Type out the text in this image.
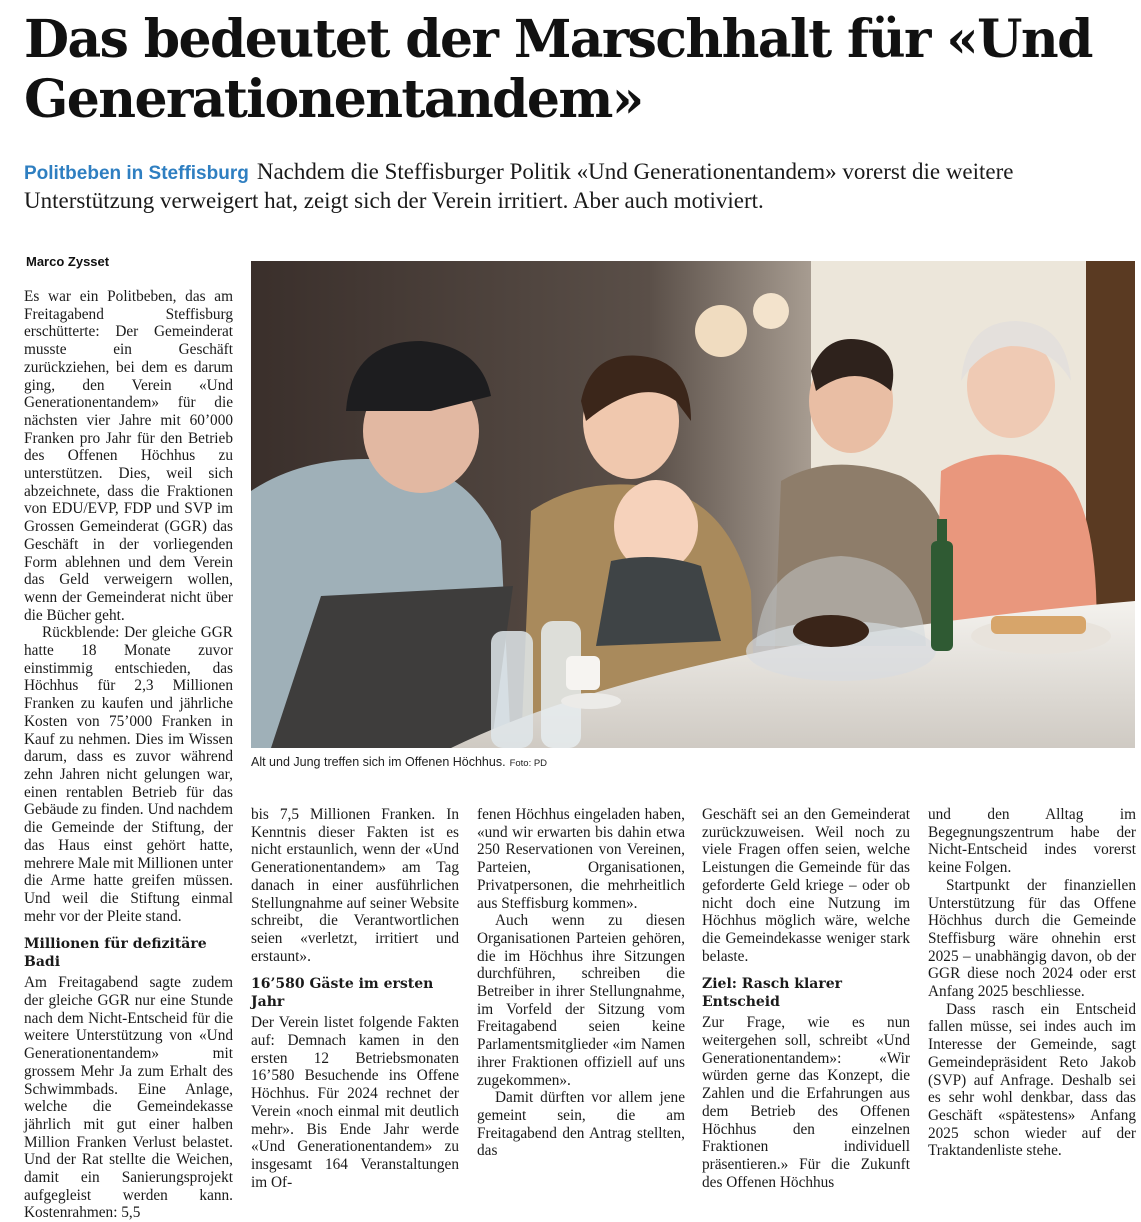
Das bedeutet der Marschhalt für «Und Generationentandem»

Politbeben in Steffisburg Nachdem die Steffisburger Politik «Und Generationentandem» vorerst die weitere Unterstützung verweigert hat, zeigt sich der Verein irritiert. Aber auch motiviert.

Marco Zysset

Es war ein Politbeben, das am Freitagabend Steffisburg erschütterte: Der Gemeinderat musste ein Geschäft zurückziehen, bei dem es darum ging, den Verein «Und Generationentandem» für die nächsten vier Jahre mit 60’000 Franken pro Jahr für den Betrieb des Offenen Höchhus zu unterstützen. Dies, weil sich abzeichnete, dass die Fraktionen von EDU/EVP, FDP und SVP im Grossen Gemeinderat (GGR) das Geschäft in der vorliegenden Form ablehnen und dem Verein das Geld verweigern wollen, wenn der Gemeinderat nicht über die Bücher geht.

Rückblende: Der gleiche GGR hatte 18 Monate zuvor einstimmig entschieden, das Höchhus für 2,3 Millionen Franken zu kaufen und jährliche Kosten von 75’000 Franken in Kauf zu nehmen. Dies im Wissen darum, dass es zuvor während zehn Jahren nicht gelungen war, einen rentablen Betrieb für das Gebäude zu finden. Und nachdem die Gemeinde der Stiftung, der das Haus einst gehört hatte, mehrere Male mit Millionen unter die Arme hatte greifen müssen. Und weil die Stiftung einmal mehr vor der Pleite stand.

Millionen für defizitäre Badi

Am Freitagabend sagte zudem der gleiche GGR nur eine Stunde nach dem Nicht-Entscheid für die weitere Unterstützung von «Und Generationentandem» mit grossem Mehr Ja zum Erhalt des Schwimmbads. Eine Anlage, welche die Gemeindekasse jährlich mit gut einer halben Million Franken Verlust belastet. Und der Rat stellte die Weichen, damit ein Sanierungsprojekt aufgegleist werden kann. Kostenrahmen: 5,5

Alt und Jung treffen sich im Offenen Höchhus. Foto: PD

bis 7,5 Millionen Franken. In Kenntnis dieser Fakten ist es nicht erstaunlich, wenn der «Und Generationentandem» am Tag danach in einer ausführlichen Stellungnahme auf seiner Website schreibt, die Verantwortlichen seien «verletzt, irritiert und erstaunt».

16’580 Gäste im ersten Jahr

Der Verein listet folgende Fakten auf: Demnach kamen in den ersten 12 Betriebsmonaten 16’580 Besuchende ins Offene Höchhus. Für 2024 rechnet der Verein «noch einmal mit deutlich mehr». Bis Ende Jahr werde «Und Generationentandem» zu insgesamt 164 Veranstaltungen im Of-

fenen Höchhus eingeladen haben, «und wir erwarten bis dahin etwa 250 Reservationen von Vereinen, Parteien, Organisationen, Privatpersonen, die mehrheitlich aus Steffisburg kommen».

Auch wenn zu diesen Organisationen Parteien gehören, die im Höchhus ihre Sitzungen durchführen, schreiben die Betreiber in ihrer Stellungnahme, im Vorfeld der Sitzung vom Freitagabend seien keine Parlamentsmitglieder «im Namen ihrer Fraktionen offiziell auf uns zugekommen».

Damit dürften vor allem jene gemeint sein, die am Freitagabend den Antrag stellten, das

Geschäft sei an den Gemeinderat zurückzuweisen. Weil noch zu viele Fragen offen seien, welche Leistungen die Gemeinde für das geforderte Geld kriege – oder ob nicht doch eine Nutzung im Höchhus möglich wäre, welche die Gemeindekasse weniger stark belaste.

Ziel: Rasch klarer Entscheid

Zur Frage, wie es nun weitergehen soll, schreibt «Und Generationentandem»: «Wir würden gerne das Konzept, die Zahlen und die Erfahrungen aus dem Betrieb des Offenen Höchhus den einzelnen Fraktionen individuell präsentieren.» Für die Zukunft des Offenen Höchhus

und den Alltag im Begegnungszentrum habe der Nicht-Entscheid indes vorerst keine Folgen.

Startpunkt der finanziellen Unterstützung für das Offene Höchhus durch die Gemeinde Steffisburg wäre ohnehin erst 2025 – unabhängig davon, ob der GGR diese noch 2024 oder erst Anfang 2025 beschliesse.

Dass rasch ein Entscheid fallen müsse, sei indes auch im Interesse der Gemeinde, sagt Gemeindepräsident Reto Jakob (SVP) auf Anfrage. Deshalb sei es sehr wohl denkbar, dass das Geschäft «spätestens» Anfang 2025 schon wieder auf der Traktandenliste stehe.
